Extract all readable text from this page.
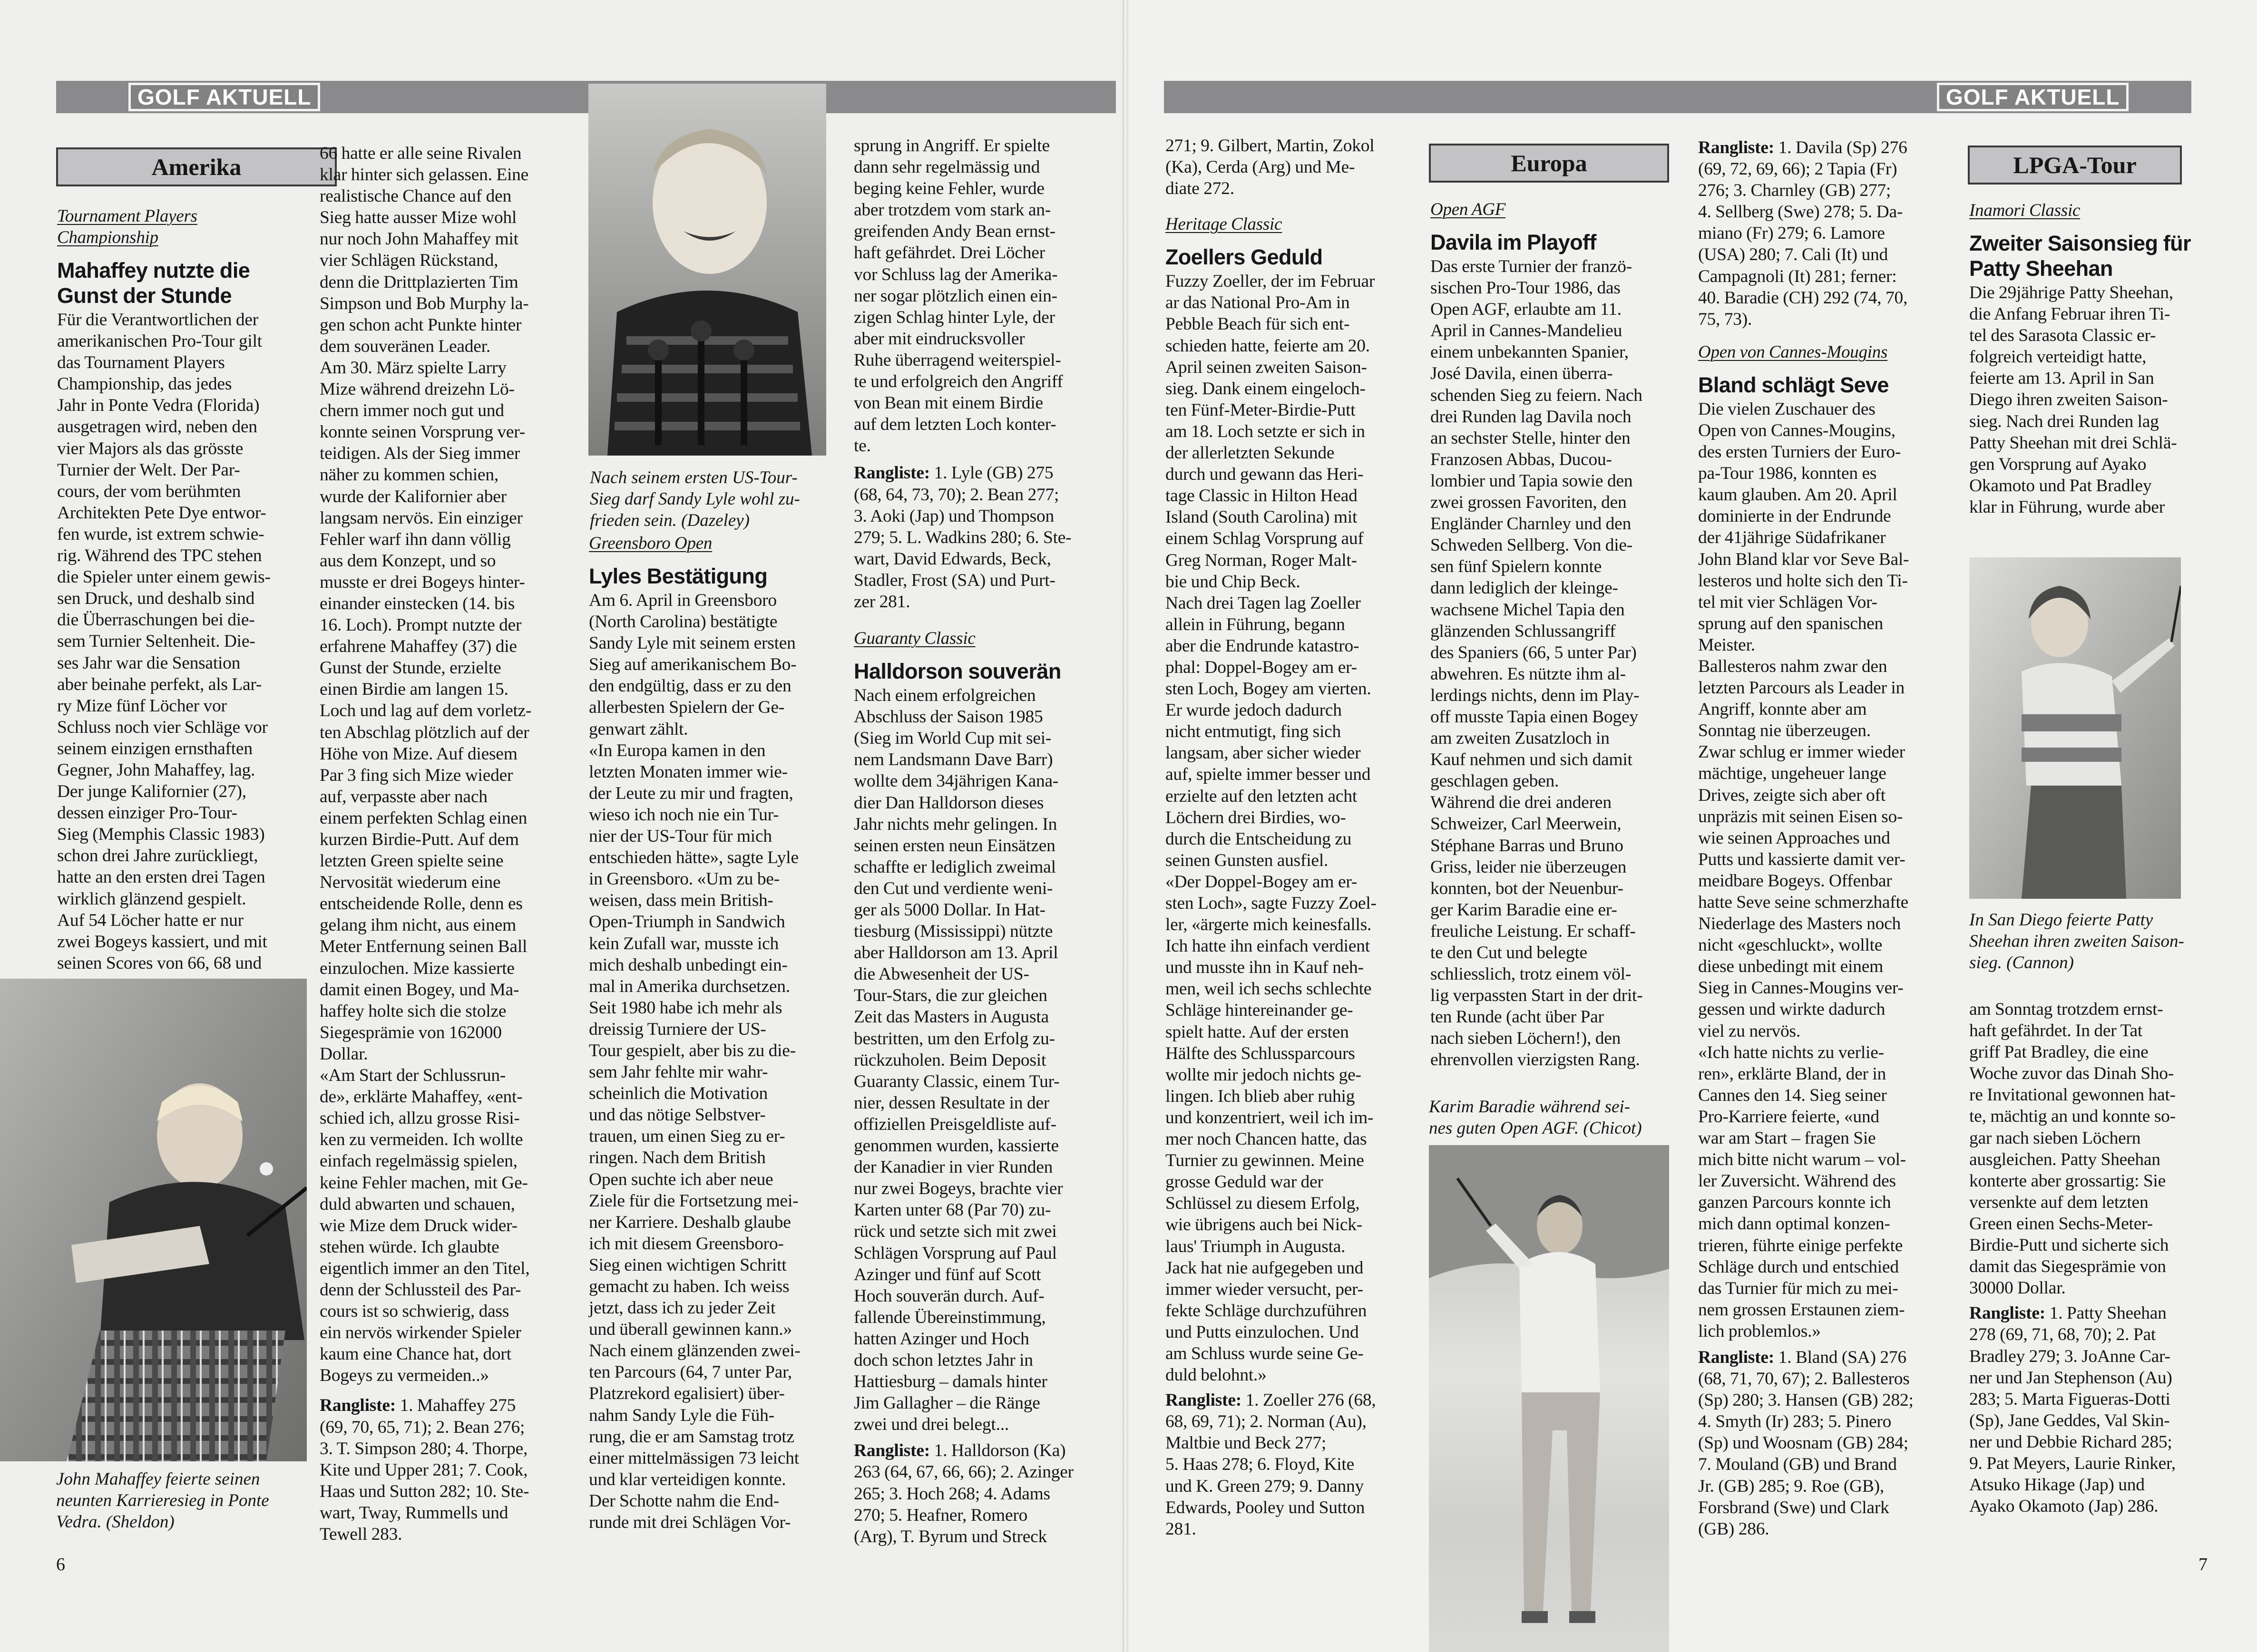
GOLF AKTUELL
Amerika
Tournament Players
Championship
Mahaffey nutzte die
Gunst der Stunde

Für die Verantwortlichen der
amerikanischen Pro-Tour gilt
das Tournament Players
Championship, das jedes
Jahr in Ponte Vedra (Florida)
ausgetragen wird, neben den
vier Majors als das grösste
Turnier der Welt. Der Par-
cours, der vom berühmten
Architekten Pete Dye entwor-
fen wurde, ist extrem schwie-
rig. Während des TPC stehen
die Spieler unter einem gewis-
sen Druck, und deshalb sind
die Überraschungen bei die-
sem Turnier Seltenheit. Die-
ses Jahr war die Sensation
aber beinahe perfekt, als Lar-
ry Mize fünf Löcher vor
Schluss noch vier Schläge vor
seinem einzigen ernsthaften
Gegner, John Mahaffey, lag.
Der junge Kalifornier (27),
dessen einziger Pro-Tour-
Sieg (Memphis Classic 1983)
schon drei Jahre zurückliegt,
hatte an den ersten drei Tagen
wirklich glänzend gespielt.
Auf 54 Löcher hatte er nur
zwei Bogeys kassiert, und mit
seinen Scores von 66, 68 und

John Mahaffey feierte seinen
neunten Karrieresieg in Ponte
Vedra. (Sheldon)

66 hatte er alle seine Rivalen
klar hinter sich gelassen. Eine
realistische Chance auf den
Sieg hatte ausser Mize wohl
nur noch John Mahaffey mit
vier Schlägen Rückstand,
denn die Drittplazierten Tim
Simpson und Bob Murphy la-
gen schon acht Punkte hinter
dem souveränen Leader.
Am 30. März spielte Larry
Mize während dreizehn Lö-
chern immer noch gut und
konnte seinen Vorsprung ver-
teidigen. Als der Sieg immer
näher zu kommen schien,
wurde der Kalifornier aber
langsam nervös. Ein einziger
Fehler warf ihn dann völlig
aus dem Konzept, und so
musste er drei Bogeys hinter-
einander einstecken (14. bis
16. Loch). Prompt nutzte der
erfahrene Mahaffey (37) die
Gunst der Stunde, erzielte
einen Birdie am langen 15.
Loch und lag auf dem vorletz-
ten Abschlag plötzlich auf der
Höhe von Mize. Auf diesem
Par 3 fing sich Mize wieder
auf, verpasste aber nach
einem perfekten Schlag einen
kurzen Birdie-Putt. Auf dem
letzten Green spielte seine
Nervosität wiederum eine
entscheidende Rolle, denn es
gelang ihm nicht, aus einem
Meter Entfernung seinen Ball
einzulochen. Mize kassierte
damit einen Bogey, und Ma-
haffey holte sich die stolze
Siegesprämie von 162000
Dollar.
«Am Start der Schlussrun-
de», erklärte Mahaffey, «ent-
schied ich, allzu grosse Risi-
ken zu vermeiden. Ich wollte
einfach regelmässig spielen,
keine Fehler machen, mit Ge-
duld abwarten und schauen,
wie Mize dem Druck wider-
stehen würde. Ich glaubte
eigentlich immer an den Titel,
denn der Schlussteil des Par-
cours ist so schwierig, dass
ein nervös wirkender Spieler
kaum eine Chance hat, dort
Bogeys zu vermeiden..»

Rangliste: 1. Mahaffey 275
(69, 70, 65, 71); 2. Bean 276;
3. T. Simpson 280; 4. Thorpe,
Kite und Upper 281; 7. Cook,
Haas und Sutton 282; 10. Ste-
wart, Tway, Rummells und
Tewell 283.

Nach seinem ersten US-Tour-
Sieg darf Sandy Lyle wohl zu-
frieden sein. (Dazeley)
Greensboro Open
Lyles Bestätigung

Am 6. April in Greensboro
(North Carolina) bestätigte
Sandy Lyle mit seinem ersten
Sieg auf amerikanischem Bo-
den endgültig, dass er zu den
allerbesten Spielern der Ge-
genwart zählt.
«In Europa kamen in den
letzten Monaten immer wie-
der Leute zu mir und fragten,
wieso ich noch nie ein Tur-
nier der US-Tour für mich
entschieden hätte», sagte Lyle
in Greensboro. «Um zu be-
weisen, dass mein British-
Open-Triumph in Sandwich
kein Zufall war, musste ich
mich deshalb unbedingt ein-
mal in Amerika durchsetzen.
Seit 1980 habe ich mehr als
dreissig Turniere der US-
Tour gespielt, aber bis zu die-
sem Jahr fehlte mir wahr-
scheinlich die Motivation
und das nötige Selbstver-
trauen, um einen Sieg zu er-
ringen. Nach dem British
Open suchte ich aber neue
Ziele für die Fortsetzung mei-
ner Karriere. Deshalb glaube
ich mit diesem Greensboro-
Sieg einen wichtigen Schritt
gemacht zu haben. Ich weiss
jetzt, dass ich zu jeder Zeit
und überall gewinnen kann.»
Nach einem glänzenden zwei-
ten Parcours (64, 7 unter Par,
Platzrekord egalisiert) über-
nahm Sandy Lyle die Füh-
rung, die er am Samstag trotz
einer mittelmässigen 73 leicht
und klar verteidigen konnte.
Der Schotte nahm die End-
runde mit drei Schlägen Vor-

sprung in Angriff. Er spielte
dann sehr regelmässig und
beging keine Fehler, wurde
aber trotzdem vom stark an-
greifenden Andy Bean ernst-
haft gefährdet. Drei Löcher
vor Schluss lag der Amerika-
ner sogar plötzlich einen ein-
zigen Schlag hinter Lyle, der
aber mit eindrucksvoller
Ruhe überragend weiterspiel-
te und erfolgreich den Angriff
von Bean mit einem Birdie
auf dem letzten Loch konter-
te.

Rangliste: 1. Lyle (GB) 275
(68, 64, 73, 70); 2. Bean 277;
3. Aoki (Jap) und Thompson
279; 5. L. Wadkins 280; 6. Ste-
wart, David Edwards, Beck,
Stadler, Frost (SA) und Purt-
zer 281.

Guaranty Classic
Halldorson souverän

Nach einem erfolgreichen
Abschluss der Saison 1985
(Sieg im World Cup mit sei-
nem Landsmann Dave Barr)
wollte dem 34jährigen Kana-
dier Dan Halldorson dieses
Jahr nichts mehr gelingen. In
seinen ersten neun Einsätzen
schaffte er lediglich zweimal
den Cut und verdiente weni-
ger als 5000 Dollar. In Hat-
tiesburg (Mississippi) nützte
aber Halldorson am 13. April
die Abwesenheit der US-
Tour-Stars, die zur gleichen
Zeit das Masters in Augusta
bestritten, um den Erfolg zu-
rückzuholen. Beim Deposit
Guaranty Classic, einem Tur-
nier, dessen Resultate in der
offiziellen Preisgeldliste auf-
genommen wurden, kassierte
der Kanadier in vier Runden
nur zwei Bogeys, brachte vier
Karten unter 68 (Par 70) zu-
rück und setzte sich mit zwei
Schlägen Vorsprung auf Paul
Azinger und fünf auf Scott
Hoch souverän durch. Auf-
fallende Übereinstimmung,
hatten Azinger und Hoch
doch schon letztes Jahr in
Hattiesburg – damals hinter
Jim Gallagher – die Ränge
zwei und drei belegt...

Rangliste: 1. Halldorson (Ka)
263 (64, 67, 66, 66); 2. Azinger
265; 3. Hoch 268; 4. Adams
270; 5. Heafner, Romero
(Arg), T. Byrum und Streck

6
GOLF AKTUELL

271; 9. Gilbert, Martin, Zokol
(Ka), Cerda (Arg) und Me-
diate 272.

Heritage Classic
Zoellers Geduld

Fuzzy Zoeller, der im Februar
ar das National Pro-Am in
Pebble Beach für sich ent-
schieden hatte, feierte am 20.
April seinen zweiten Saison-
sieg. Dank einem eingeloch-
ten Fünf-Meter-Birdie-Putt
am 18. Loch setzte er sich in
der allerletzten Sekunde
durch und gewann das Heri-
tage Classic in Hilton Head
Island (South Carolina) mit
einem Schlag Vorsprung auf
Greg Norman, Roger Malt-
bie und Chip Beck.
Nach drei Tagen lag Zoeller
allein in Führung, begann
aber die Endrunde katastro-
phal: Doppel-Bogey am er-
sten Loch, Bogey am vierten.
Er wurde jedoch dadurch
nicht entmutigt, fing sich
langsam, aber sicher wieder
auf, spielte immer besser und
erzielte auf den letzten acht
Löchern drei Birdies, wo-
durch die Entscheidung zu
seinen Gunsten ausfiel.
«Der Doppel-Bogey am er-
sten Loch», sagte Fuzzy Zoel-
ler, «ärgerte mich keinesfalls.
Ich hatte ihn einfach verdient
und musste ihn in Kauf neh-
men, weil ich sechs schlechte
Schläge hintereinander ge-
spielt hatte. Auf der ersten
Hälfte des Schlussparcours
wollte mir jedoch nichts ge-
lingen. Ich blieb aber ruhig
und konzentriert, weil ich im-
mer noch Chancen hatte, das
Turnier zu gewinnen. Meine
grosse Geduld war der
Schlüssel zu diesem Erfolg,
wie übrigens auch bei Nick-
laus' Triumph in Augusta.
Jack hat nie aufgegeben und
immer wieder versucht, per-
fekte Schläge durchzuführen
und Putts einzulochen. Und
am Schluss wurde seine Ge-
duld belohnt.»

Rangliste: 1. Zoeller 276 (68,
68, 69, 71); 2. Norman (Au),
Maltbie und Beck 277;
5. Haas 278; 6. Floyd, Kite
und K. Green 279; 9. Danny
Edwards, Pooley und Sutton
281.

Europa
Open AGF
Davila im Playoff

Das erste Turnier der franzö-
sischen Pro-Tour 1986, das
Open AGF, erlaubte am 11.
April in Cannes-Mandelieu
einem unbekannten Spanier,
José Davila, einen überra-
schenden Sieg zu feiern. Nach
drei Runden lag Davila noch
an sechster Stelle, hinter den
Franzosen Abbas, Ducou-
lombier und Tapia sowie den
zwei grossen Favoriten, den
Engländer Charnley und den
Schweden Sellberg. Von die-
sen fünf Spielern konnte
dann lediglich der kleinge-
wachsene Michel Tapia den
glänzenden Schlussangriff
des Spaniers (66, 5 unter Par)
abwehren. Es nützte ihm al-
lerdings nichts, denn im Play-
off musste Tapia einen Bogey
am zweiten Zusatzloch in
Kauf nehmen und sich damit
geschlagen geben.
Während die drei anderen
Schweizer, Carl Meerwein,
Stéphane Barras und Bruno
Griss, leider nie überzeugen
konnten, bot der Neuenbur-
ger Karim Baradie eine er-
freuliche Leistung. Er schaff-
te den Cut und belegte
schliesslich, trotz einem völ-
lig verpassten Start in der drit-
ten Runde (acht über Par
nach sieben Löchern!), den
ehrenvollen vierzigsten Rang.

Karim Baradie während sei-
nes guten Open AGF. (Chicot)

Rangliste: 1. Davila (Sp) 276
(69, 72, 69, 66); 2 Tapia (Fr)
276; 3. Charnley (GB) 277;
4. Sellberg (Swe) 278; 5. Da-
miano (Fr) 279; 6. Lamore
(USA) 280; 7. Cali (It) und
Campagnoli (It) 281; ferner:
40. Baradie (CH) 292 (74, 70,
75, 73).

Open von Cannes-Mougins
Bland schlägt Seve

Die vielen Zuschauer des
Open von Cannes-Mougins,
des ersten Turniers der Euro-
pa-Tour 1986, konnten es
kaum glauben. Am 20. April
dominierte in der Endrunde
der 41jährige Südafrikaner
John Bland klar vor Seve Bal-
lesteros und holte sich den Ti-
tel mit vier Schlägen Vor-
sprung auf den spanischen
Meister.
Ballesteros nahm zwar den
letzten Parcours als Leader in
Angriff, konnte aber am
Sonntag nie überzeugen.
Zwar schlug er immer wieder
mächtige, ungeheuer lange
Drives, zeigte sich aber oft
unpräzis mit seinen Eisen so-
wie seinen Approaches und
Putts und kassierte damit ver-
meidbare Bogeys. Offenbar
hatte Seve seine schmerzhafte
Niederlage des Masters noch
nicht «geschluckt», wollte
diese unbedingt mit einem
Sieg in Cannes-Mougins ver-
gessen und wirkte dadurch
viel zu nervös.
«Ich hatte nichts zu verlie-
ren», erklärte Bland, der in
Cannes den 14. Sieg seiner
Pro-Karriere feierte, «und
war am Start – fragen Sie
mich bitte nicht warum – vol-
ler Zuversicht. Während des
ganzen Parcours konnte ich
mich dann optimal konzen-
trieren, führte einige perfekte
Schläge durch und entschied
das Turnier für mich zu mei-
nem grossen Erstaunen ziem-
lich problemlos.»

Rangliste: 1. Bland (SA) 276
(68, 71, 70, 67); 2. Ballesteros
(Sp) 280; 3. Hansen (GB) 282;
4. Smyth (Ir) 283; 5. Pinero
(Sp) und Woosnam (GB) 284;
7. Mouland (GB) und Brand
Jr. (GB) 285; 9. Roe (GB),
Forsbrand (Swe) und Clark
(GB) 286.

LPGA-Tour
Inamori Classic
Zweiter Saisonsieg für
Patty Sheehan

Die 29jährige Patty Sheehan,
die Anfang Februar ihren Ti-
tel des Sarasota Classic er-
folgreich verteidigt hatte,
feierte am 13. April in San
Diego ihren zweiten Saison-
sieg. Nach drei Runden lag
Patty Sheehan mit drei Schlä-
gen Vorsprung auf Ayako
Okamoto und Pat Bradley
klar in Führung, wurde aber

In San Diego feierte Patty
Sheehan ihren zweiten Saison-
sieg. (Cannon)

am Sonntag trotzdem ernst-
haft gefährdet. In der Tat
griff Pat Bradley, die eine
Woche zuvor das Dinah Sho-
re Invitational gewonnen hat-
te, mächtig an und konnte so-
gar nach sieben Löchern
ausgleichen. Patty Sheehan
konterte aber grossartig: Sie
versenkte auf dem letzten
Green einen Sechs-Meter-
Birdie-Putt und sicherte sich
damit das Siegesprämie von
30000 Dollar.

Rangliste: 1. Patty Sheehan
278 (69, 71, 68, 70); 2. Pat
Bradley 279; 3. JoAnne Car-
ner und Jan Stephenson (Au)
283; 5. Marta Figueras-Dotti
(Sp), Jane Geddes, Val Skin-
ner und Debbie Richard 285;
9. Pat Meyers, Laurie Rinker,
Atsuko Hikage (Jap) und
Ayako Okamoto (Jap) 286.

7
